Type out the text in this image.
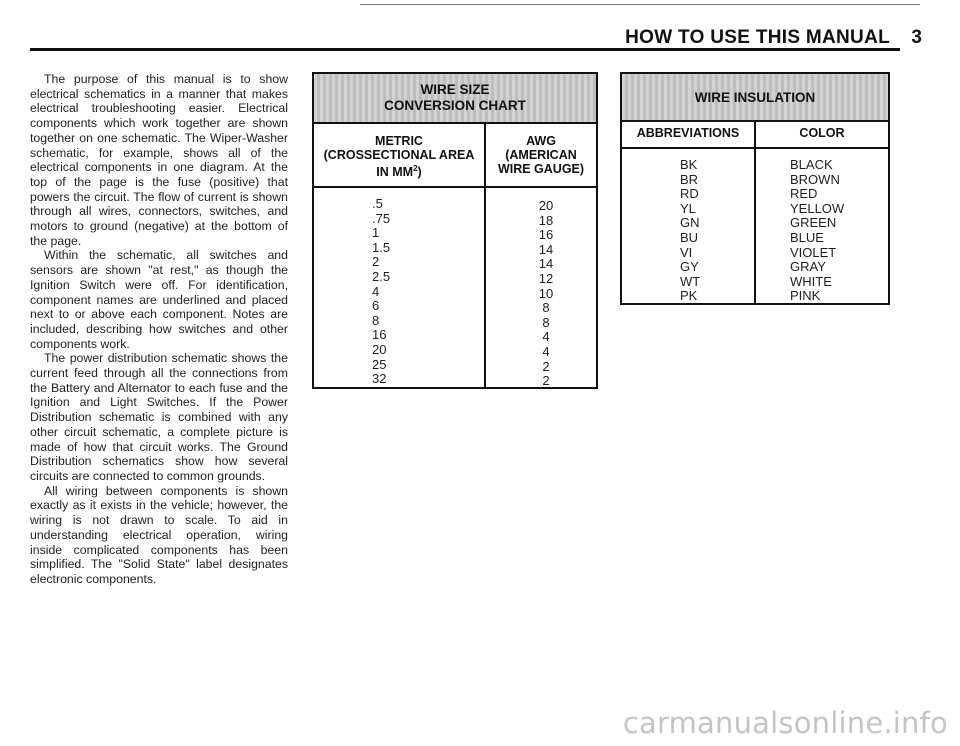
HOW TO USE THIS MANUAL 3

The purpose of this manual is to show electrical schematics in a manner that makes electrical troubleshooting easier. Electrical components which work together are shown together on one schematic. The Wiper-Washer schematic, for example, shows all of the electrical components in one diagram. At the top of the page is the fuse (positive) that powers the circuit. The flow of current is shown through all wires, connectors, switches, and motors to ground (negative) at the bottom of the page.

Within the schematic, all switches and sensors are shown "at rest," as though the Ignition Switch were off. For identification, component names are underlined and placed next to or above each component. Notes are included, describing how switches and other components work.

The power distribution schematic shows the current feed through all the connections from the Battery and Alternator to each fuse and the Ignition and Light Switches. If the Power Distribution schematic is combined with any other circuit schematic, a complete picture is made of how that circuit works. The Ground Distribution schematics show how several circuits are connected to common grounds.

All wiring between components is shown exactly as it exists in the vehicle; however, the wiring is not drawn to scale. To aid in understanding electrical operation, wiring inside complicated components has been simplified. The "Solid State" label designates electronic components.

WIRE SIZE
CONVERSION CHART
METRIC
(CROSSECTIONAL AREA
IN $MM^2$)
AWG
(AMERICAN
WIRE GAUGE)
.5
.75
1
1.5
2
2.5
4
6
8
16
20
25
32
20
18
16
14
14
12
10
8
8
4
4
2
2
WIRE INSULATION
ABBREVIATIONS	COLOR
BK
BR
RD
YL
GN
BU
VI
GY
WT
PK
BLACK
BROWN
RED
YELLOW
GREEN
BLUE
VIOLET
GRAY
WHITE
PINK
carmanualsonline.info
